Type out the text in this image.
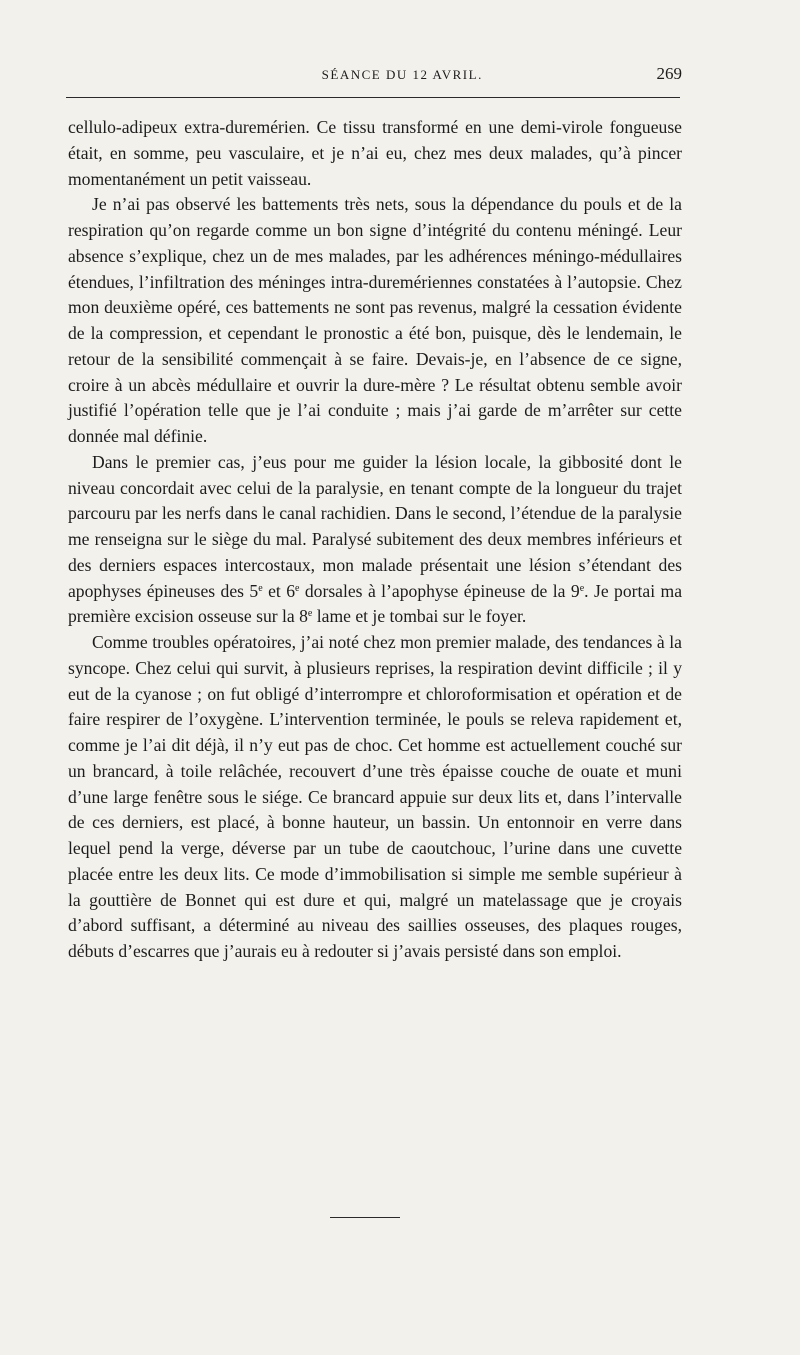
SÉANCE DU 12 AVRIL.	269

cellulo-adipeux extra-duremérien. Ce tissu transformé en une demi-virole fongueuse était, en somme, peu vasculaire, et je n’ai eu, chez mes deux malades, qu’à pincer momentanément un petit vaisseau.

Je n’ai pas observé les battements très nets, sous la dépendance du pouls et de la respiration qu’on regarde comme un bon signe d’intégrité du contenu méningé. Leur absence s’explique, chez un de mes malades, par les adhérences méningo-médullaires étendues, l’infiltration des méninges intra-duremériennes constatées à l’autopsie. Chez mon deuxième opéré, ces battements ne sont pas revenus, malgré la cessation évidente de la compression, et cependant le pronostic a été bon, puisque, dès le lendemain, le retour de la sensibilité commençait à se faire. Devais-je, en l’absence de ce signe, croire à un abcès médullaire et ouvrir la dure-mère ? Le résultat obtenu semble avoir justifié l’opération telle que je l’ai conduite ; mais j’ai garde de m’arrêter sur cette donnée mal définie.

Dans le premier cas, j’eus pour me guider la lésion locale, la gibbosité dont le niveau concordait avec celui de la paralysie, en tenant compte de la longueur du trajet parcouru par les nerfs dans le canal rachidien. Dans le second, l’étendue de la paralysie me renseigna sur le siège du mal. Paralysé subitement des deux membres inférieurs et des derniers espaces intercostaux, mon malade présentait une lésion s’étendant des apophyses épineuses des 5e et 6e dorsales à l’apophyse épineuse de la 9e. Je portai ma première excision osseuse sur la 8e lame et je tombai sur le foyer.

Comme troubles opératoires, j’ai noté chez mon premier malade, des tendances à la syncope. Chez celui qui survit, à plusieurs reprises, la respiration devint difficile ; il y eut de la cyanose ; on fut obligé d’interrompre et chloroformisation et opération et de faire respirer de l’oxygène. L’intervention terminée, le pouls se releva rapidement et, comme je l’ai dit déjà, il n’y eut pas de choc. Cet homme est actuellement couché sur un brancard, à toile relâchée, recouvert d’une très épaisse couche de ouate et muni d’une large fenêtre sous le siége. Ce brancard appuie sur deux lits et, dans l’intervalle de ces derniers, est placé, à bonne hauteur, un bassin. Un entonnoir en verre dans lequel pend la verge, déverse par un tube de caoutchouc, l’urine dans une cuvette placée entre les deux lits. Ce mode d’immobilisation si simple me semble supérieur à la gouttière de Bonnet qui est dure et qui, malgré un matelassage que je croyais d’abord suffisant, a déterminé au niveau des saillies osseuses, des plaques rouges, débuts d’escarres que j’aurais eu à redouter si j’avais persisté dans son emploi.
